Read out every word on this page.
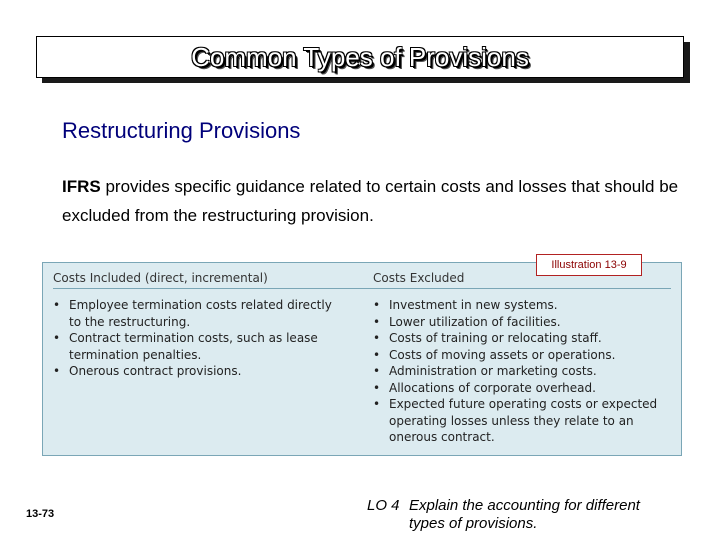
Common Types of Provisions
Restructuring Provisions
IFRS provides specific guidance related to certain costs and losses that should be excluded from the restructuring provision.
Costs Included (direct, incremental)	Costs Excluded
• Employee termination costs related directly to the restructuring.
• Contract termination costs, such as lease termination penalties.
• Onerous contract provisions.
• Investment in new systems.
• Lower utilization of facilities.
• Costs of training or relocating staff.
• Costs of moving assets or operations.
• Administration or marketing costs.
• Allocations of corporate overhead.
• Expected future operating costs or expected operating losses unless they relate to an onerous contract.
Illustration 13-9
13-73	LO 4 Explain the accounting for different
types of provisions.
